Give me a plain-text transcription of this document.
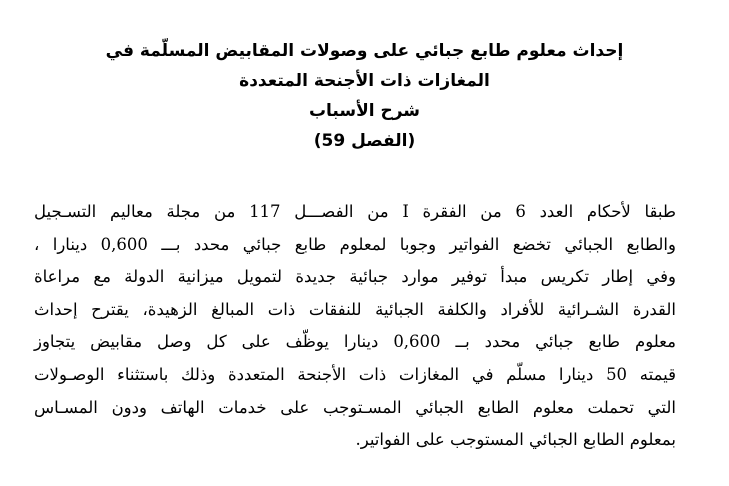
إحداث معلوم طابع جبائي على وصولات المقابيض المسلّمة في
المغازات ذات الأجنحة المتعددة
شرح الأسباب
(الفصل 59)
طبقا لأحكام العدد 6 من الفقرة I من الفصـــل 117 من مجلة معاليم التسـجيل
والطابع الجبائي تخضع الفواتير وجوبا لمعلوم طابع جبائي محدد بـــ 0,600 دينارا ،
وفي إطار تكريس مبدأ توفير موارد جبائية جديدة لتمويل ميزانية الدولة مع مراعاة
القدرة الشـرائية للأفراد والكلفة الجبائية للنفقات ذات المبالغ الزهيدة، يقترح إحداث
معلوم طابع جبائي محدد بــ 0,600 دينارا يوظّف على كل وصل مقابيض يتجاوز
قيمته 50 دينارا مسلّم في المغازات ذات الأجنحة المتعددة وذلك باستثناء الوصـولات
التي تحملت معلوم الطابع الجبائي المسـتوجب على خدمات الهاتف ودون المسـاس
بمعلوم الطابع الجبائي المستوجب على الفواتير.
